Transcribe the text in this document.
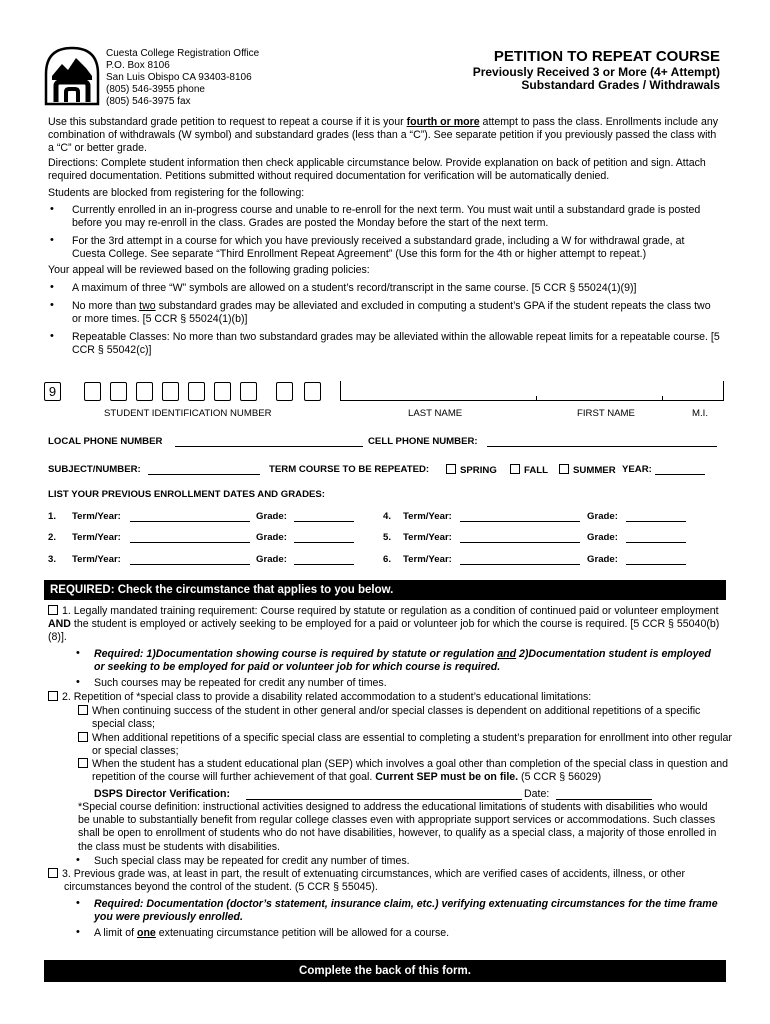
Cuesta College Registration Office
P.O. Box 8106
San Luis Obispo CA 93403-8106
(805) 546-3955 phone
(805) 546-3975 fax
PETITION TO REPEAT COURSE
Previously Received 3 or More (4+ Attempt)
Substandard Grades / Withdrawals
Use this substandard grade petition to request to repeat a course if it is your fourth or more attempt to pass the class. Enrollments include any combination of withdrawals (W symbol) and substandard grades (less than a “C”). See separate petition if you previously passed the class with a “C” or better grade.
Directions: Complete student information then check applicable circumstance below. Provide explanation on back of petition and sign. Attach required documentation. Petitions submitted without required documentation for verification will be automatically denied.
Students are blocked from registering for the following:
• Currently enrolled in an in-progress course and unable to re-enroll for the next term. You must wait until a substandard grade is posted before you may re-enroll in the class. Grades are posted the Monday before the start of the next term.
• For the 3rd attempt in a course for which you have previously received a substandard grade, including a W for withdrawal grade, at Cuesta College. See separate “Third Enrollment Repeat Agreement” (Use this form for the 4th or higher attempt to repeat.)
Your appeal will be reviewed based on the following grading policies:
• A maximum of three “W” symbols are allowed on a student’s record/transcript in the same course. [5 CCR § 55024(1)(9)]
• No more than two substandard grades may be alleviated and excluded in computing a student’s GPA if the student repeats the class two or more times. [5 CCR § 55024(1)(b)]
• Repeatable Classes: No more than two substandard grades may be alleviated within the allowable repeat limits for a repeatable course. [5 CCR § 55042(c)]
9
STUDENT IDENTIFICATION NUMBER	LAST NAME	FIRST NAME	M.I.
LOCAL PHONE NUMBER	CELL PHONE NUMBER:
SUBJECT/NUMBER:	TERM COURSE TO BE REPEATED:	SPRING	FALL	SUMMER YEAR:
LIST YOUR PREVIOUS ENROLLMENT DATES AND GRADES:
1. Term/Year:	Grade:
2. Term/Year:	Grade:
3. Term/Year:	Grade:
4. Term/Year:	Grade:
5. Term/Year:	Grade:
6. Term/Year:	Grade:
REQUIRED: Check the circumstance that applies to you below.
1. Legally mandated training requirement: Course required by statute or regulation as a condition of continued paid or volunteer employment AND the student is employed or actively seeking to be employed for a paid or volunteer job for which the course is required. [5 CCR § 55040(b)(8)].
• Required: 1)Documentation showing course is required by statute or regulation and 2)Documentation student is employed or seeking to be employed for paid or volunteer job for which course is required.
• Such courses may be repeated for credit any number of times.
2. Repetition of *special class to provide a disability related accommodation to a student’s educational limitations:
When continuing success of the student in other general and/or special classes is dependent on additional repetitions of a specific special class;
When additional repetitions of a specific special class are essential to completing a student’s preparation for enrollment into other regular or special classes;
When the student has a student educational plan (SEP) which involves a goal other than completion of the special class in question and repetition of the course will further achievement of that goal. Current SEP must be on file. (5 CCR § 56029)
DSPS Director Verification:	Date:
*Special course definition: instructional activities designed to address the educational limitations of students with disabilities who would be unable to substantially benefit from regular college classes even with appropriate support services or accommodations. Such classes shall be open to enrollment of students who do not have disabilities, however, to qualify as a special class, a majority of those enrolled in the class must be students with disabilities.
• Such special class may be repeated for credit any number of times.
3. Previous grade was, at least in part, the result of extenuating circumstances, which are verified cases of accidents, illness, or other circumstances beyond the control of the student. (5 CCR § 55045).
• Required: Documentation (doctor’s statement, insurance claim, etc.) verifying extenuating circumstances for the time frame you were previously enrolled.
• A limit of one extenuating circumstance petition will be allowed for a course.
Complete the back of this form.
